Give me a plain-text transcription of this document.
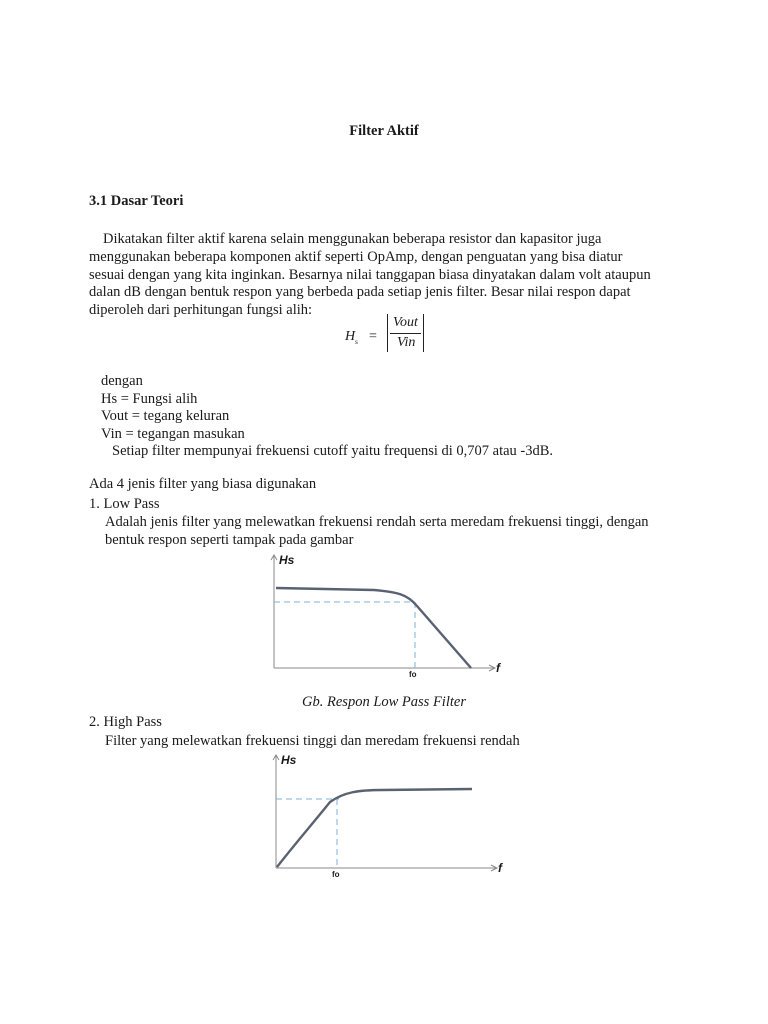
Filter Aktif
3.1 Dasar Teori
Dikatakan filter aktif karena selain menggunakan beberapa resistor dan kapasitor juga
menggunakan beberapa komponen aktif seperti OpAmp, dengan penguatan yang bisa diatur
sesuai dengan yang kita inginkan. Besarnya nilai tanggapan biasa dinyatakan dalam volt ataupun
dalan dB dengan bentuk respon yang berbeda pada setiap jenis filter. Besar nilai respon dapat
diperoleh dari perhitungan fungsi alih:
$H_s$ =
Vout
Vin
dengan
Hs = Fungsi alih
Vout = tegang keluran
Vin = tegangan masukan
Setiap filter mempunyai frekuensi cutoff yaitu frequensi di 0,707 atau -3dB.
Ada 4 jenis filter yang biasa digunakan
1. Low Pass
Adalah jenis filter yang melewatkan frekuensi rendah serta meredam frekuensi tinggi, dengan
bentuk respon seperti tampak pada gambar
Hs
f
fo
Gb. Respon Low Pass Filter
2. High Pass
Filter yang melewatkan frekuensi tinggi dan meredam frekuensi rendah
Hs
f
fo
